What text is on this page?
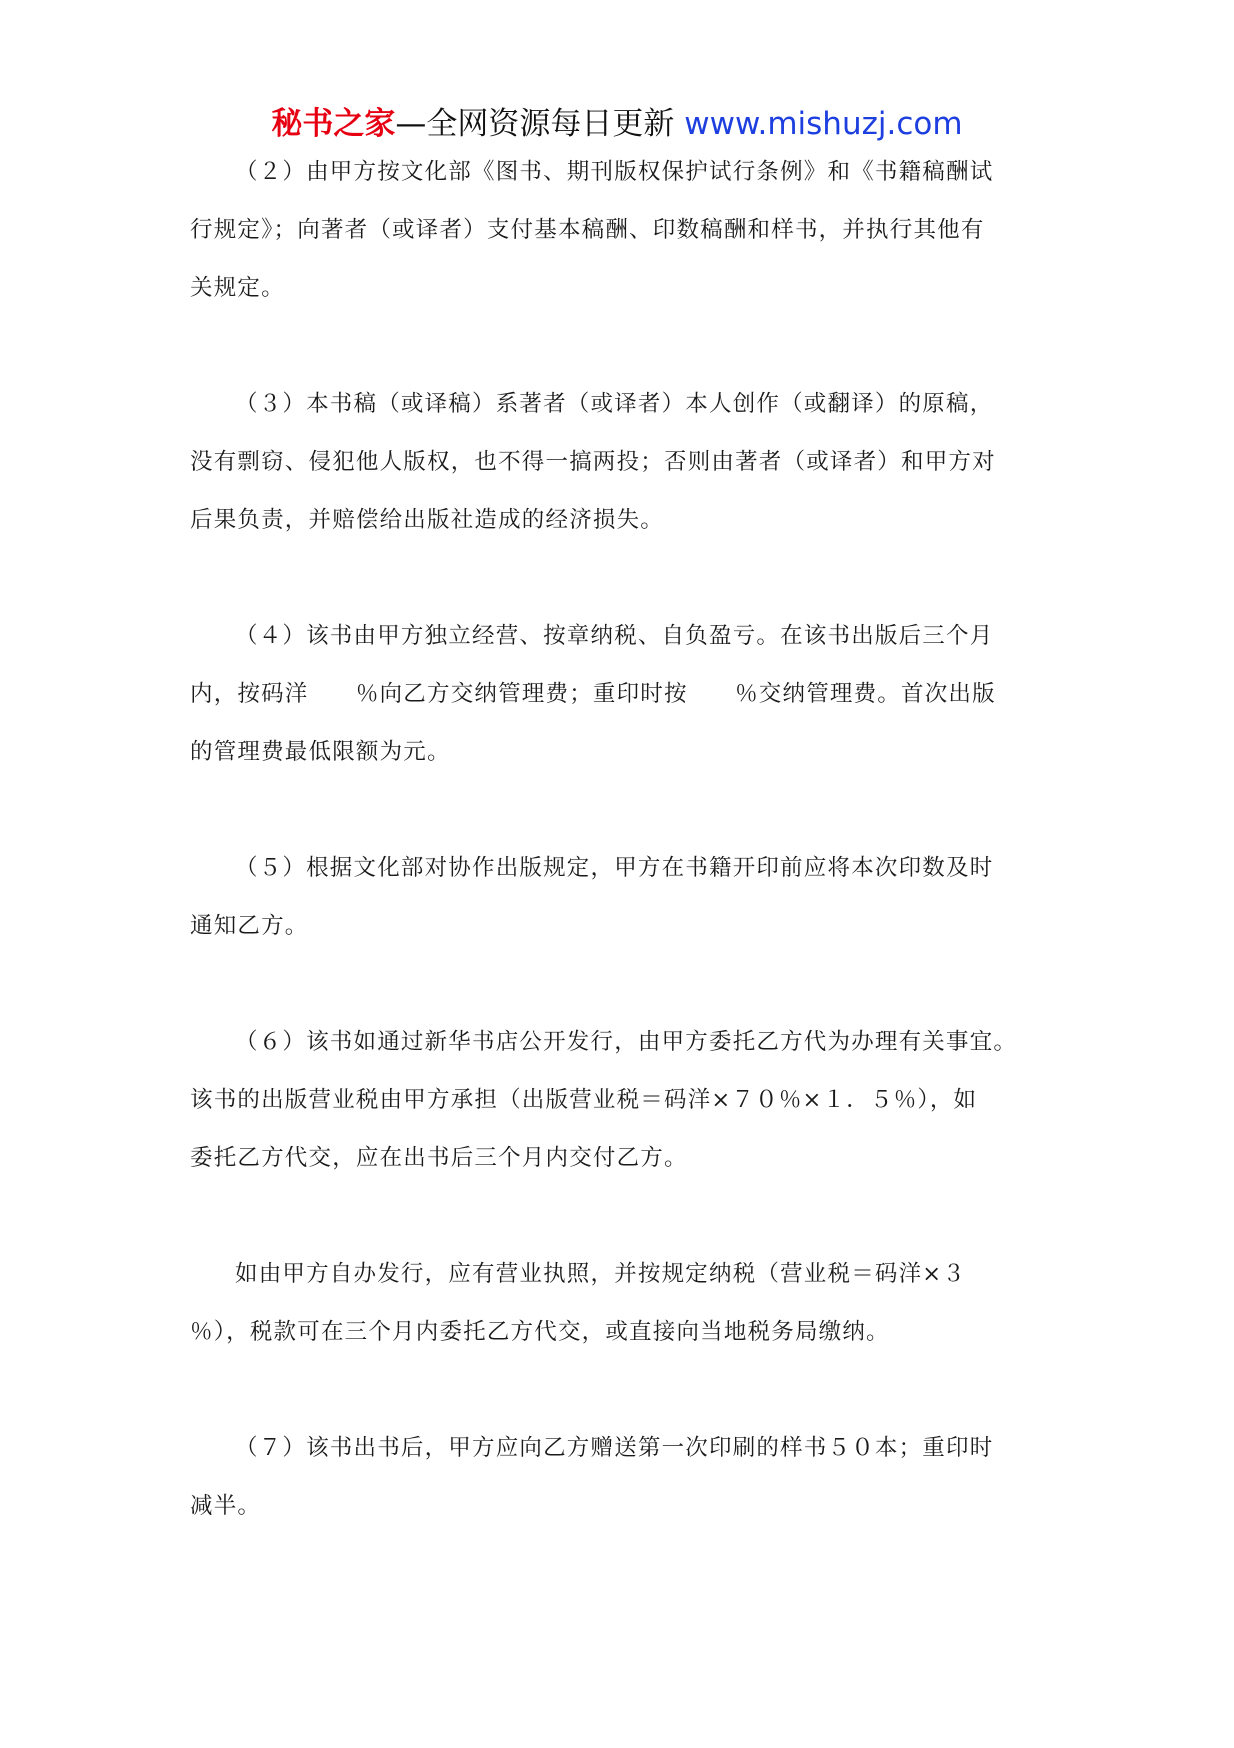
秘书之家—全网资源每日更新 www.mishuzj.com

（２）由甲方按文化部《图书、期刊版权保护试行条例》和《书籍稿酬试
行规定》；向著者（或译者）支付基本稿酬、印数稿酬和样书，并执行其他有
关规定。

（３）本书稿（或译稿）系著者（或译者）本人创作（或翻译）的原稿，
没有剽窃、侵犯他人版权，也不得一搞两投；否则由著者（或译者）和甲方对
后果负责，并赔偿给出版社造成的经济损失。

（４）该书由甲方独立经营、按章纳税、自负盈亏。在该书出版后三个月
内，按码洋　　％向乙方交纳管理费；重印时按　　％交纳管理费。首次出版
的管理费最低限额为元。

（５）根据文化部对协作出版规定，甲方在书籍开印前应将本次印数及时
通知乙方。

（６）该书如通过新华书店公开发行，由甲方委托乙方代为办理有关事宜。
该书的出版营业税由甲方承担（出版营业税＝码洋×７０％×１．５％），如
委托乙方代交，应在出书后三个月内交付乙方。

如由甲方自办发行，应有营业执照，并按规定纳税（营业税＝码洋×３
％），税款可在三个月内委托乙方代交，或直接向当地税务局缴纳。

（７）该书出书后，甲方应向乙方赠送第一次印刷的样书５０本；重印时
减半。
